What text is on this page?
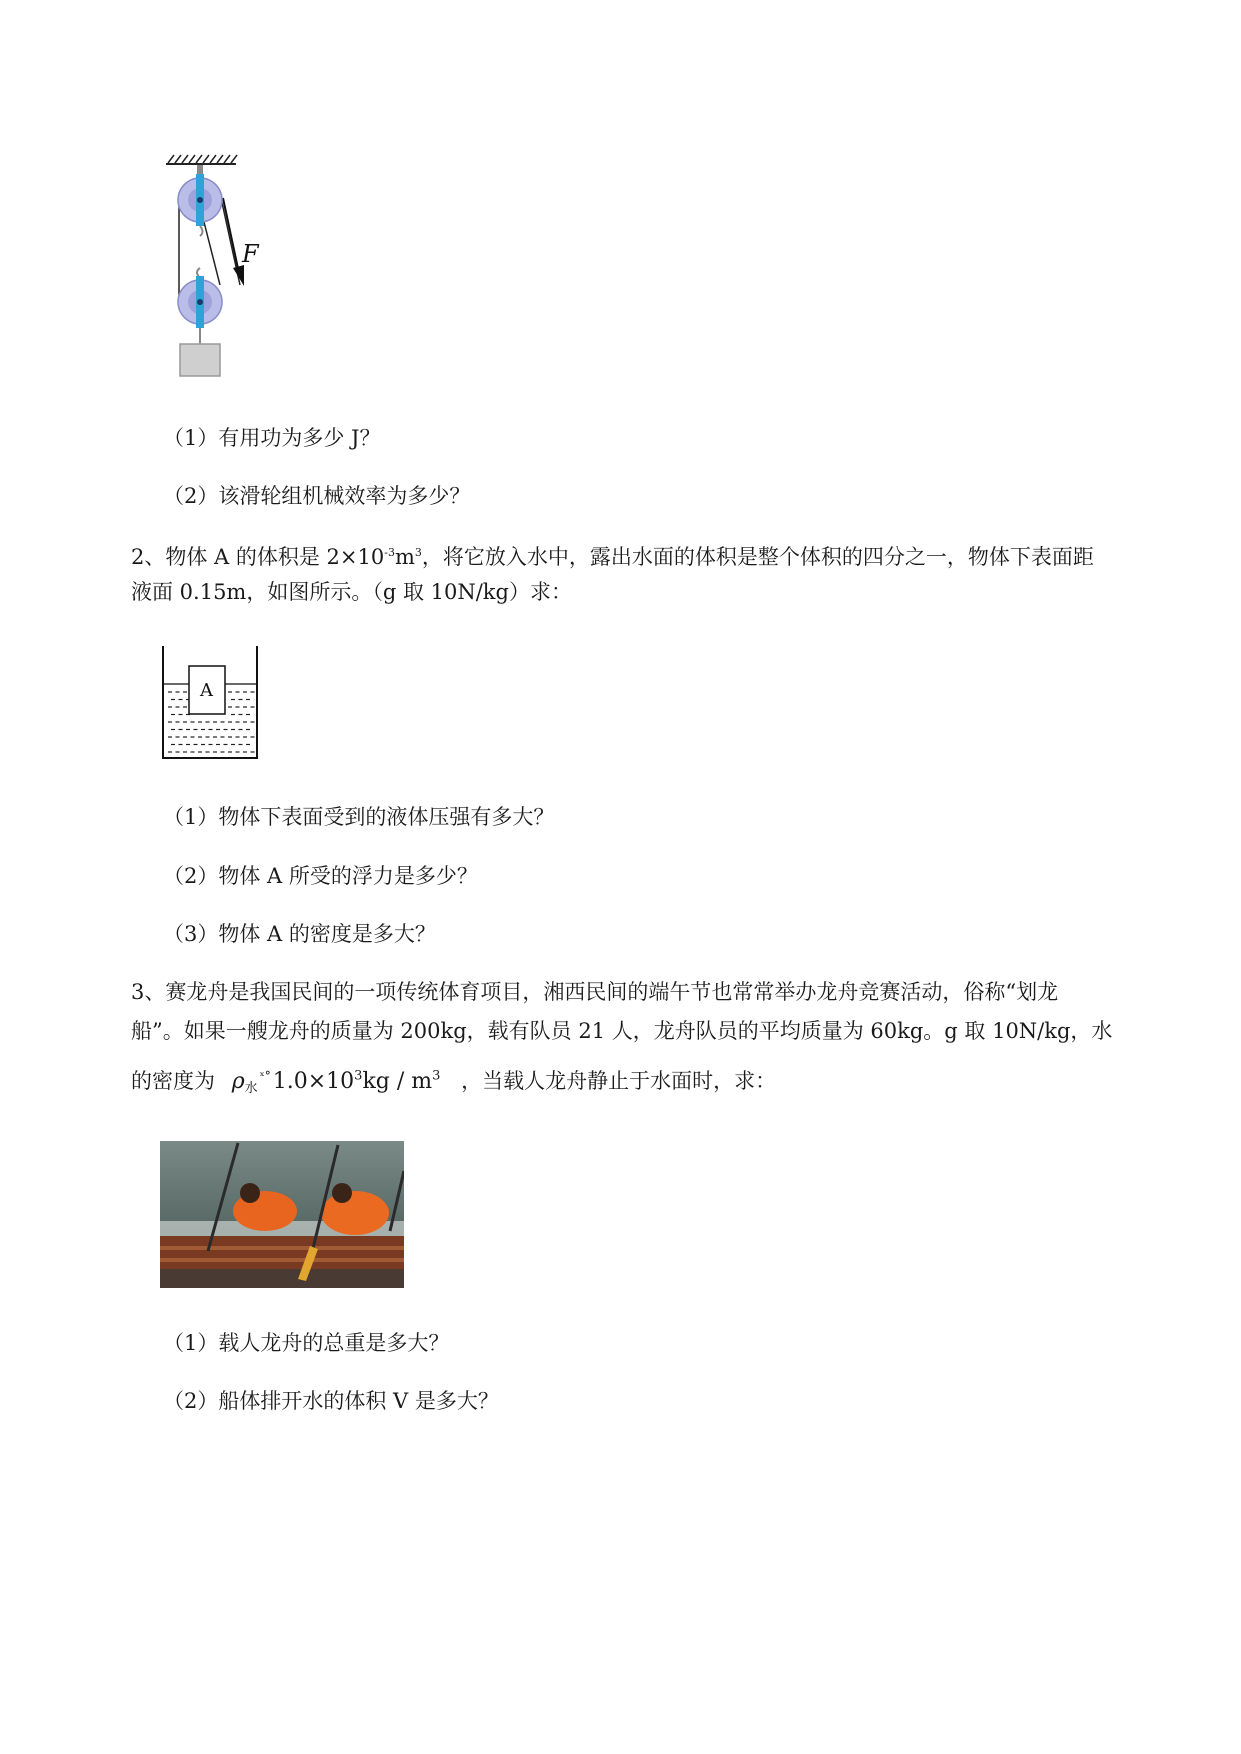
F
（1）有用功为多少 J？
（2）该滑轮组机械效率为多少？
2、物体 A 的体积是 $2\times 10^{-3}m^3$，将它放入水中，露出水面的体积是整个体积的四分之一，物体下表面距
液面 0.15m，如图所示。（g 取 10N/kg）求：
A
（1）物体下表面受到的液体压强有多大？
（2）物体 A 所受的浮力是多少？
（3）物体 A 的密度是多大？
3、赛龙舟是我国民间的一项传统体育项目，湘西民间的端午节也常常举办龙舟竞赛活动，俗称“划龙
船”。如果一艘龙舟的质量为 200kg，载有队员 21 人，龙舟队员的平均质量为 60kg。g 取 10N/kg，水
的密度为 $\rho_水^{ˣ^\circ}1.0\times 10^3kg / m^3$ ，当载人龙舟静止于水面时，求：
（1）载人龙舟的总重是多大？
（2）船体排开水的体积 V 是多大？
